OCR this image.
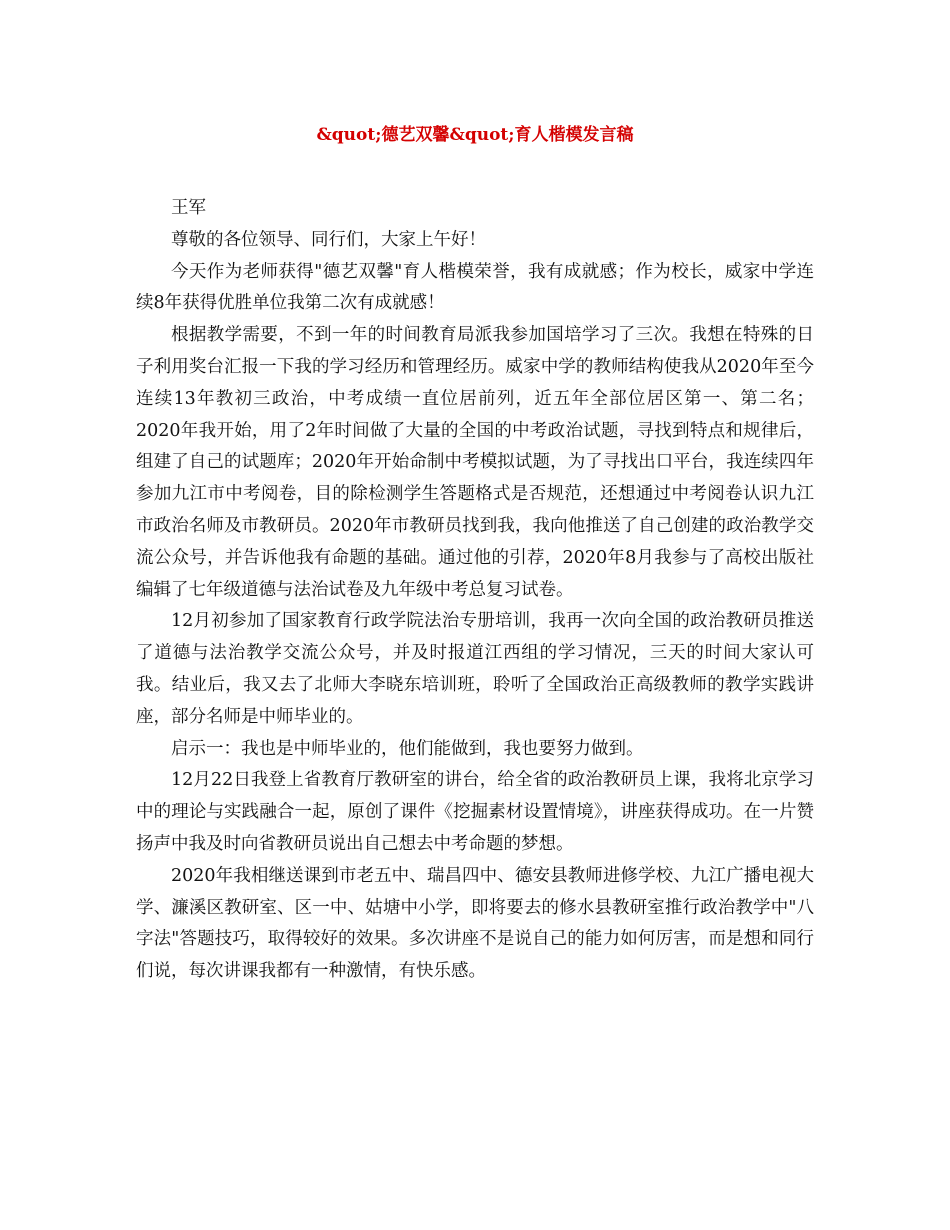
&quot;德艺双馨&quot;育人楷模发言稿

王军

尊敬的各位领导、同行们，大家上午好！

今天作为老师获得"德艺双馨"育人楷模荣誉，我有成就感；作为校长，威家中学连续8年获得优胜单位我第二次有成就感！

根据教学需要，不到一年的时间教育局派我参加国培学习了三次。我想在特殊的日子利用奖台汇报一下我的学习经历和管理经历。威家中学的教师结构使我从2020年至今连续13年教初三政治，中考成绩一直位居前列，近五年全部位居区第一、第二名；2020年我开始，用了2年时间做了大量的全国的中考政治试题，寻找到特点和规律后，组建了自己的试题库；2020年开始命制中考模拟试题，为了寻找出口平台，我连续四年参加九江市中考阅卷，目的除检测学生答题格式是否规范，还想通过中考阅卷认识九江市政治名师及市教研员。2020年市教研员找到我，我向他推送了自己创建的政治教学交流公众号，并告诉他我有命题的基础。通过他的引荐，2020年8月我参与了高校出版社编辑了七年级道德与法治试卷及九年级中考总复习试卷。

12月初参加了国家教育行政学院法治专册培训，我再一次向全国的政治教研员推送了道德与法治教学交流公众号，并及时报道江西组的学习情况，三天的时间大家认可我。结业后，我又去了北师大李晓东培训班，聆听了全国政治正高级教师的教学实践讲座，部分名师是中师毕业的。

启示一：我也是中师毕业的，他们能做到，我也要努力做到。

12月22日我登上省教育厅教研室的讲台，给全省的政治教研员上课，我将北京学习中的理论与实践融合一起，原创了课件《挖掘素材设置情境》，讲座获得成功。在一片赞扬声中我及时向省教研员说出自己想去中考命题的梦想。

2020年我相继送课到市老五中、瑞昌四中、德安县教师进修学校、九江广播电视大学、濂溪区教研室、区一中、姑塘中小学，即将要去的修水县教研室推行政治教学中"八字法"答题技巧，取得较好的效果。多次讲座不是说自己的能力如何厉害，而是想和同行们说，每次讲课我都有一种激情，有快乐感。
